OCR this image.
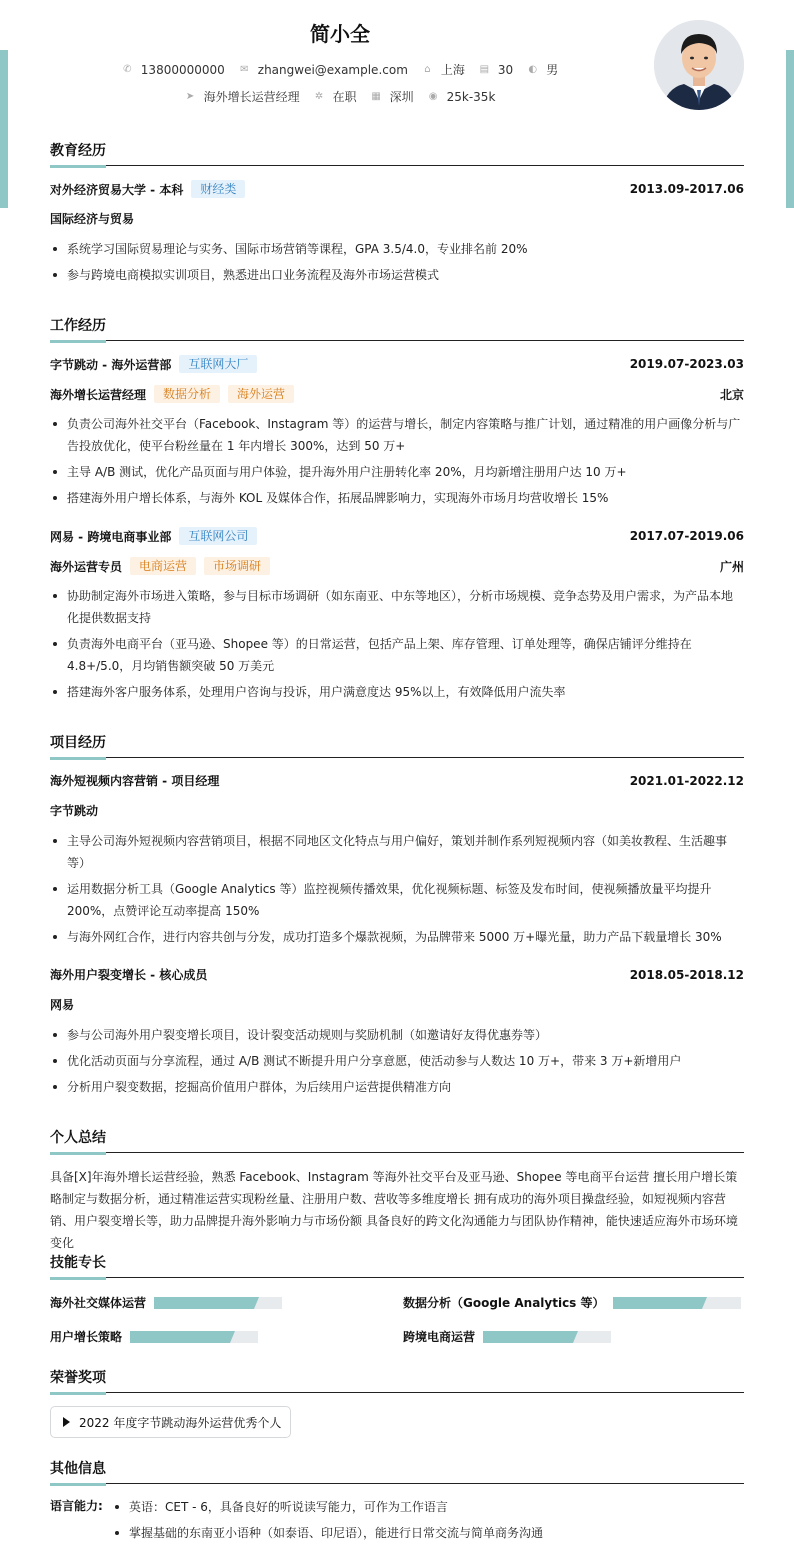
简小全
✆ 13800000000 ✉ zhangwei@example.com ⌂ 上海 ▤ 30 ◐ 男
➤ 海外增长运营经理 ✲ 在职 ▦ 深圳 ◉ 25k-35k
教育经历
对外经济贸易大学 - 本科	财经类	2013.09-2017.06
国际经济与贸易
系统学习国际贸易理论与实务、国际市场营销等课程，GPA 3.5/4.0，专业排名前 20%
参与跨境电商模拟实训项目，熟悉进出口业务流程及海外市场运营模式
工作经历
字节跳动 - 海外运营部	互联网大厂	2019.07-2023.03
海外增长运营经理	数据分析	海外运营	北京
负责公司海外社交平台（Facebook、Instagram 等）的运营与增长，制定内容策略与推广计划，通过精准的用户画像分析与广告投放优化，使平台粉丝量在 1 年内增长 300%，达到 50 万+
主导 A/B 测试，优化产品页面与用户体验，提升海外用户注册转化率 20%，月均新增注册用户达 10 万+
搭建海外用户增长体系，与海外 KOL 及媒体合作，拓展品牌影响力，实现海外市场月均营收增长 15%
网易 - 跨境电商事业部	互联网公司	2017.07-2019.06
海外运营专员	电商运营	市场调研	广州
协助制定海外市场进入策略，参与目标市场调研（如东南亚、中东等地区），分析市场规模、竞争态势及用户需求，为产品本地化提供数据支持
负责海外电商平台（亚马逊、Shopee 等）的日常运营，包括产品上架、库存管理、订单处理等，确保店铺评分维持在 4.8+/5.0，月均销售额突破 50 万美元
搭建海外客户服务体系，处理用户咨询与投诉，用户满意度达 95%以上，有效降低用户流失率
项目经历
海外短视频内容营销 - 项目经理	2021.01-2022.12
字节跳动
主导公司海外短视频内容营销项目，根据不同地区文化特点与用户偏好，策划并制作系列短视频内容（如美妆教程、生活趣事等）
运用数据分析工具（Google Analytics 等）监控视频传播效果，优化视频标题、标签及发布时间，使视频播放量平均提升 200%，点赞评论互动率提高 150%
与海外网红合作，进行内容共创与分发，成功打造多个爆款视频，为品牌带来 5000 万+曝光量，助力产品下载量增长 30%
海外用户裂变增长 - 核心成员	2018.05-2018.12
网易
参与公司海外用户裂变增长项目，设计裂变活动规则与奖励机制（如邀请好友得优惠券等）
优化活动页面与分享流程，通过 A/B 测试不断提升用户分享意愿，使活动参与人数达 10 万+，带来 3 万+新增用户
分析用户裂变数据，挖掘高价值用户群体，为后续用户运营提供精准方向
个人总结
具备[X]年海外增长运营经验，熟悉 Facebook、Instagram 等海外社交平台及亚马逊、Shopee 等电商平台运营 擅长用户增长策略制定与数据分析，通过精准运营实现粉丝量、注册用户数、营收等多维度增长 拥有成功的海外项目操盘经验，如短视频内容营销、用户裂变增长等，助力品牌提升海外影响力与市场份额 具备良好的跨文化沟通能力与团队协作精神，能快速适应海外市场环境变化
技能专长
海外社交媒体运营	数据分析（Google Analytics 等）
用户增长策略	跨境电商运营
荣誉奖项
2022 年度字节跳动海外运营优秀个人
其他信息
语言能力:	英语：CET - 6，具备良好的听说读写能力，可作为工作语言
掌握基础的东南亚小语种（如泰语、印尼语），能进行日常交流与简单商务沟通
